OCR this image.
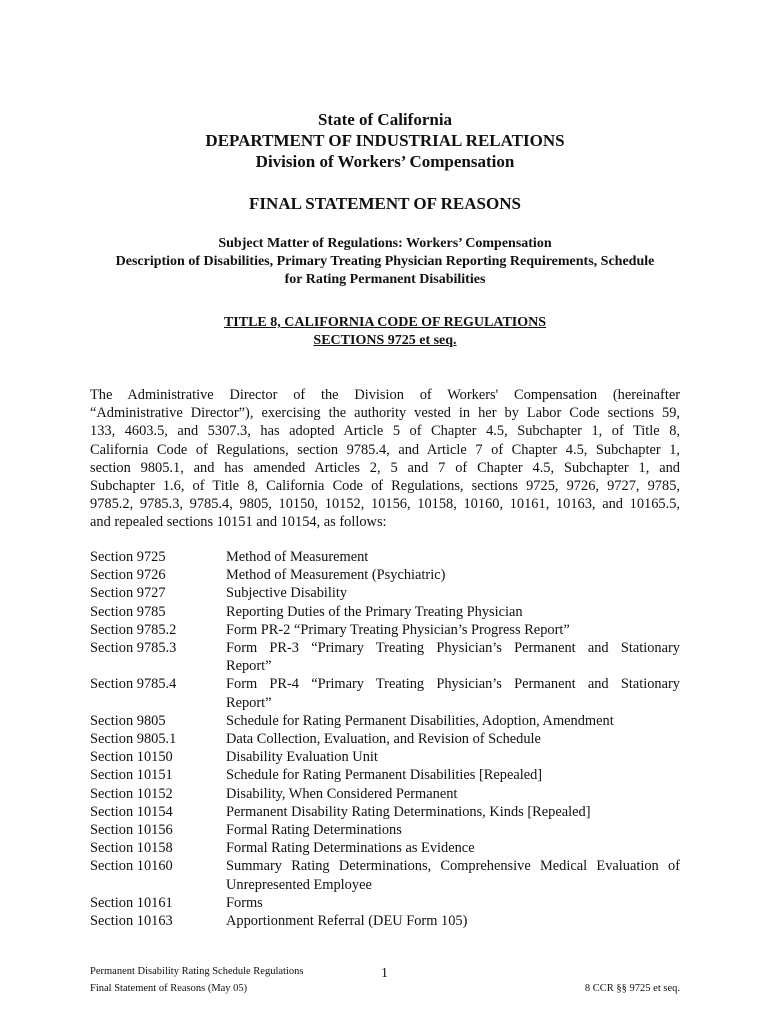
State of California
DEPARTMENT OF INDUSTRIAL RELATIONS
Division of Workers’ Compensation
FINAL STATEMENT OF REASONS
Subject Matter of Regulations: Workers’ Compensation
Description of Disabilities, Primary Treating Physician Reporting Requirements, Schedule
for Rating Permanent Disabilities
TITLE 8, CALIFORNIA CODE OF REGULATIONS
SECTIONS 9725 et seq.
The Administrative Director of the Division of Workers' Compensation (hereinafter
“Administrative Director”), exercising the authority vested in her by Labor Code sections 59,
133, 4603.5, and 5307.3, has adopted Article 5 of Chapter 4.5, Subchapter 1, of Title 8,
California Code of Regulations, section 9785.4, and Article 7 of Chapter 4.5, Subchapter 1,
section 9805.1, and has amended Articles 2, 5 and 7 of Chapter 4.5, Subchapter 1, and
Subchapter 1.6, of Title 8, California Code of Regulations, sections 9725, 9726, 9727, 9785,
9785.2, 9785.3, 9785.4, 9805, 10150, 10152, 10156, 10158, 10160, 10161, 10163, and 10165.5,
and repealed sections 10151 and 10154, as follows:
Section 9725	Method of Measurement
Section 9726	Method of Measurement (Psychiatric)
Section 9727	Subjective Disability
Section 9785	Reporting Duties of the Primary Treating Physician
Section 9785.2	Form PR-2 “Primary Treating Physician’s Progress Report”
Section 9785.3	Form PR-3 “Primary Treating Physician’s Permanent and Stationary
Report”
Section 9785.4	Form PR-4 “Primary Treating Physician’s Permanent and Stationary
Report”
Section 9805	Schedule for Rating Permanent Disabilities, Adoption, Amendment
Section 9805.1	Data Collection, Evaluation, and Revision of Schedule
Section 10150	Disability Evaluation Unit
Section 10151	Schedule for Rating Permanent Disabilities [Repealed]
Section 10152	Disability, When Considered Permanent
Section 10154	Permanent Disability Rating Determinations, Kinds [Repealed]
Section 10156	Formal Rating Determinations
Section 10158	Formal Rating Determinations as Evidence
Section 10160	Summary Rating Determinations, Comprehensive Medical Evaluation of
Unrepresented Employee
Section 10161	Forms
Section 10163	Apportionment Referral (DEU Form 105)
Permanent Disability Rating Schedule Regulations
Final Statement of Reasons (May 05)
1
8 CCR §§ 9725 et seq.
